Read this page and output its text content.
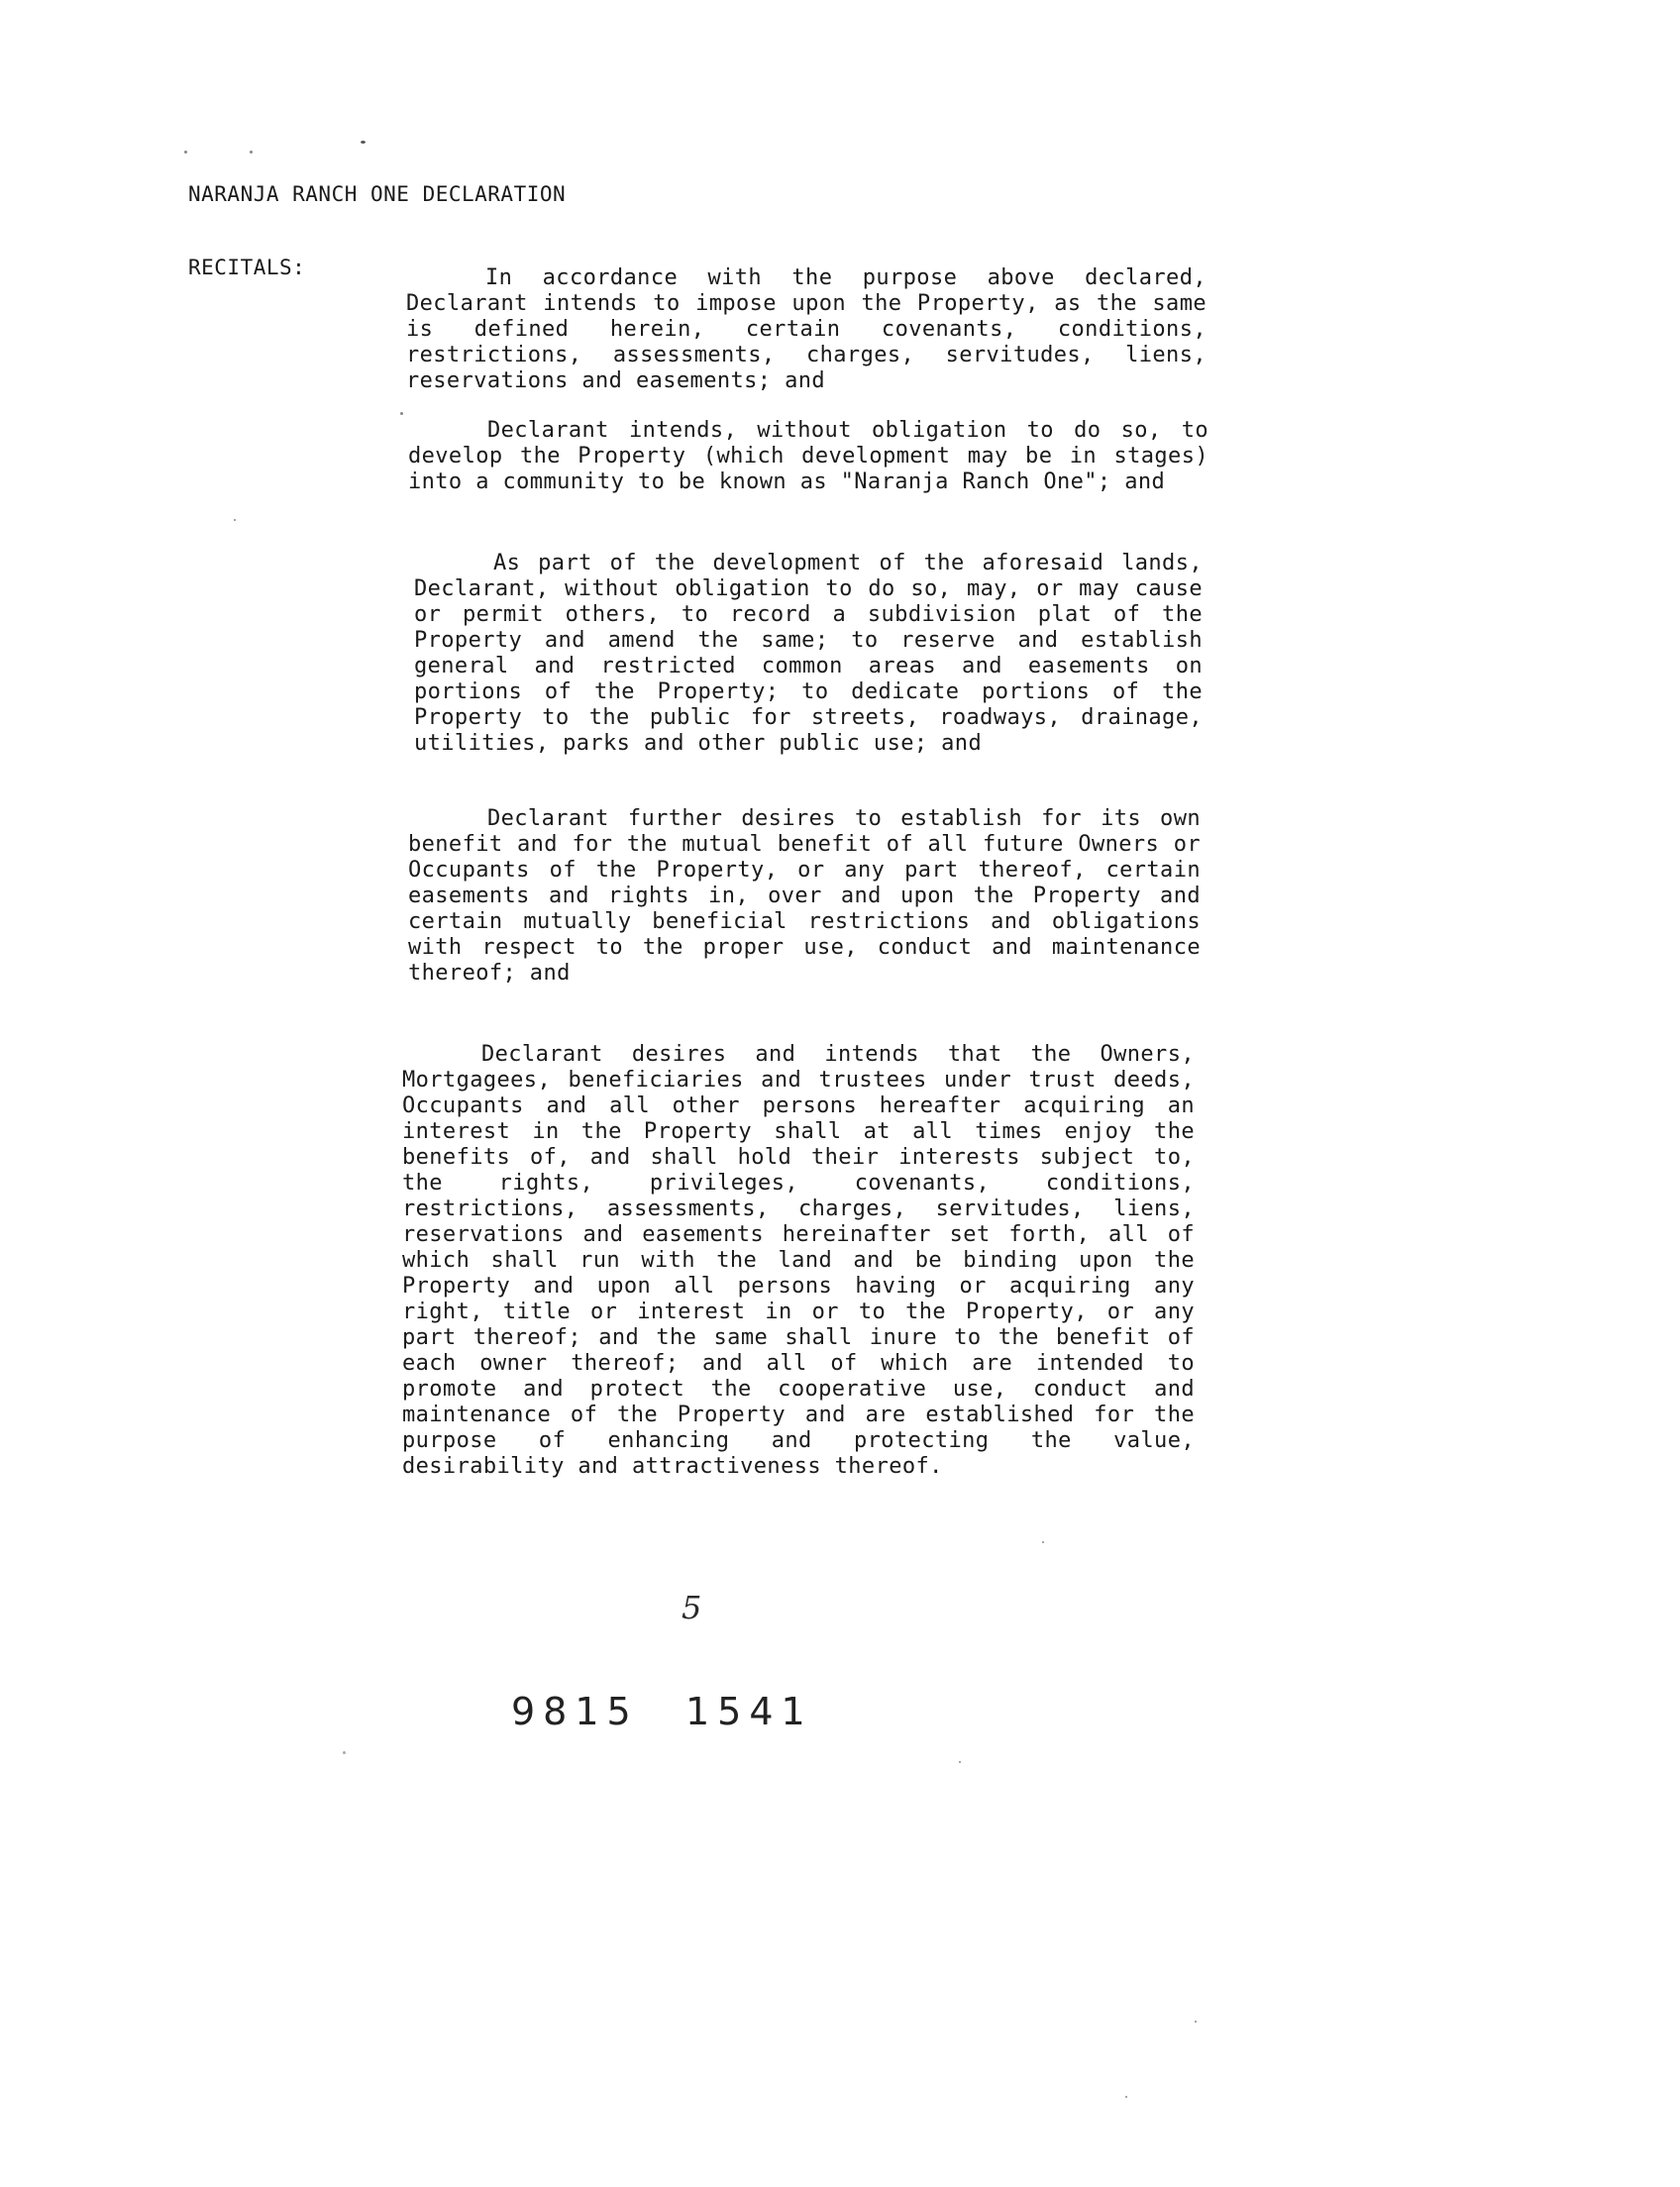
NARANJA RANCH ONE DECLARATION
RECITALS:	In accordance with the purpose above declared, Declarant intends to impose upon the Property, as the same is defined herein, certain covenants, conditions, restrictions, assessments, charges, servitudes, liens, reservations and easements; and

Declarant intends, without obligation to do so, to develop the Property (which development may be in stages) into a community to be known as "Naranja Ranch One"; and

As part of the development of the aforesaid lands, Declarant, without obligation to do so, may, or may cause or permit others, to record a subdivision plat of the Property and amend the same; to reserve and establish general and restricted common areas and easements on portions of the Property; to dedicate portions of the Property to the public for streets, roadways, drainage, utilities, parks and other public use; and

Declarant further desires to establish for its own benefit and for the mutual benefit of all future Owners or Occupants of the Property, or any part thereof, certain easements and rights in, over and upon the Property and certain mutually beneficial restrictions and obligations with respect to the proper use, conduct and maintenance thereof; and

Declarant desires and intends that the Owners, Mortgagees, beneficiaries and trustees under trust deeds, Occupants and all other persons hereafter acquiring an interest in the Property shall at all times enjoy the benefits of, and shall hold their interests subject to, the rights, privileges, covenants, conditions, restrictions, assessments, charges, servitudes, liens, reservations and easements hereinafter set forth, all of which shall run with the land and be binding upon the Property and upon all persons having or acquiring any right, title or interest in or to the Property, or any part thereof; and the same shall inure to the benefit of each owner thereof; and all of which are intended to promote and protect the cooperative use, conduct and maintenance of the Property and are established for the purpose of enhancing and protecting the value, desirability and attractiveness thereof.

5
9815 1541
